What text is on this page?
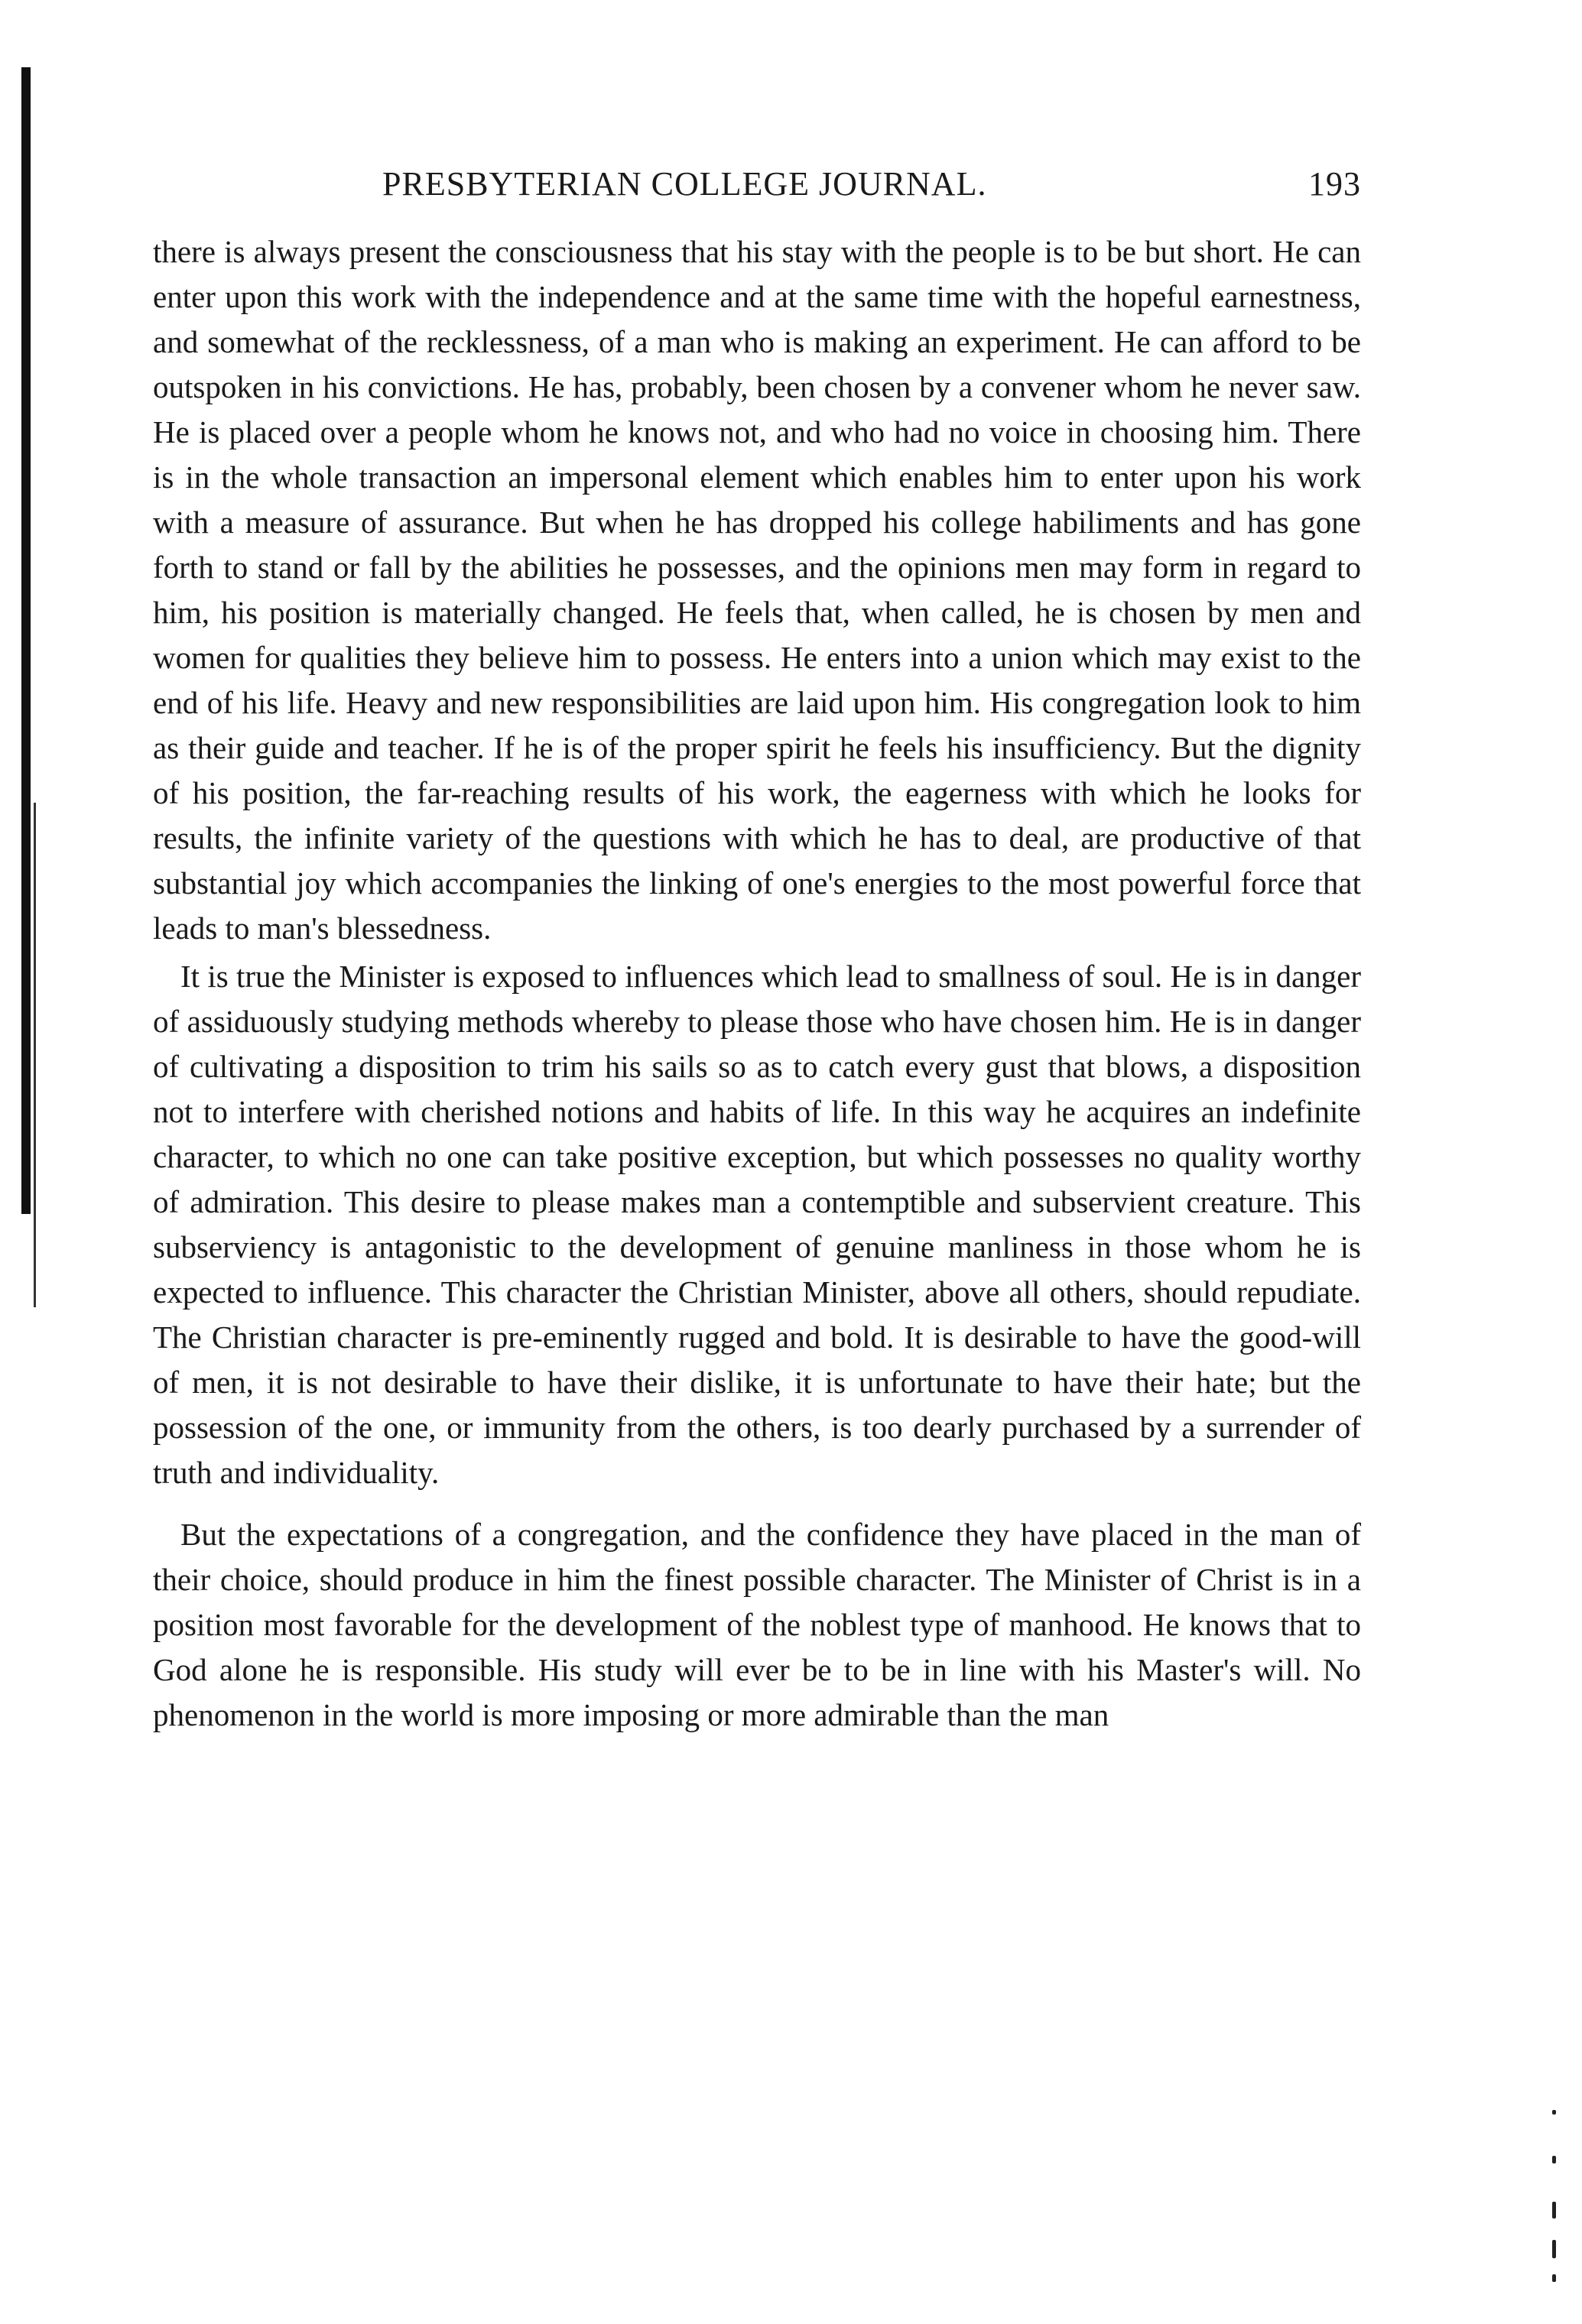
PRESBYTERIAN COLLEGE JOURNAL.	193

there is always present the consciousness that his stay with the people is to be but short. He can enter upon this work with the independence and at the same time with the hopeful earnestness, and somewhat of the recklessness, of a man who is making an experiment. He can afford to be outspoken in his convictions. He has, probably, been chosen by a convener whom he never saw. He is placed over a people whom he knows not, and who had no voice in choosing him. There is in the whole transaction an impersonal element which enables him to enter upon his work with a measure of assurance. But when he has dropped his college habiliments and has gone forth to stand or fall by the abilities he possesses, and the opinions men may form in regard to him, his position is materially changed. He feels that, when called, he is chosen by men and women for qualities they believe him to possess. He enters into a union which may exist to the end of his life. Heavy and new responsibilities are laid upon him. His congregation look to him as their guide and teacher. If he is of the proper spirit he feels his insufficiency. But the dignity of his position, the far-reaching results of his work, the eagerness with which he looks for results, the infinite variety of the questions with which he has to deal, are productive of that substantial joy which accompanies the linking of one's energies to the most powerful force that leads to man's blessedness.

It is true the Minister is exposed to influences which lead to smallness of soul. He is in danger of assiduously studying methods whereby to please those who have chosen him. He is in danger of cultivating a disposition to trim his sails so as to catch every gust that blows, a disposition not to interfere with cherished notions and habits of life. In this way he acquires an indefinite character, to which no one can take positive exception, but which possesses no quality worthy of admiration. This desire to please makes man a contemptible and subservient creature. This subserviency is antagonistic to the development of genuine manliness in those whom he is expected to influence. This character the Christian Minister, above all others, should repudiate. The Christian character is pre-eminently rugged and bold. It is desirable to have the good-will of men, it is not desirable to have their dislike, it is unfortunate to have their hate; but the possession of the one, or immunity from the others, is too dearly purchased by a surrender of truth and individuality.

But the expectations of a congregation, and the confidence they have placed in the man of their choice, should produce in him the finest possible character. The Minister of Christ is in a position most favorable for the development of the noblest type of manhood. He knows that to God alone he is responsible. His study will ever be to be in line with his Master's will. No phenomenon in the world is more imposing or more admirable than the man
